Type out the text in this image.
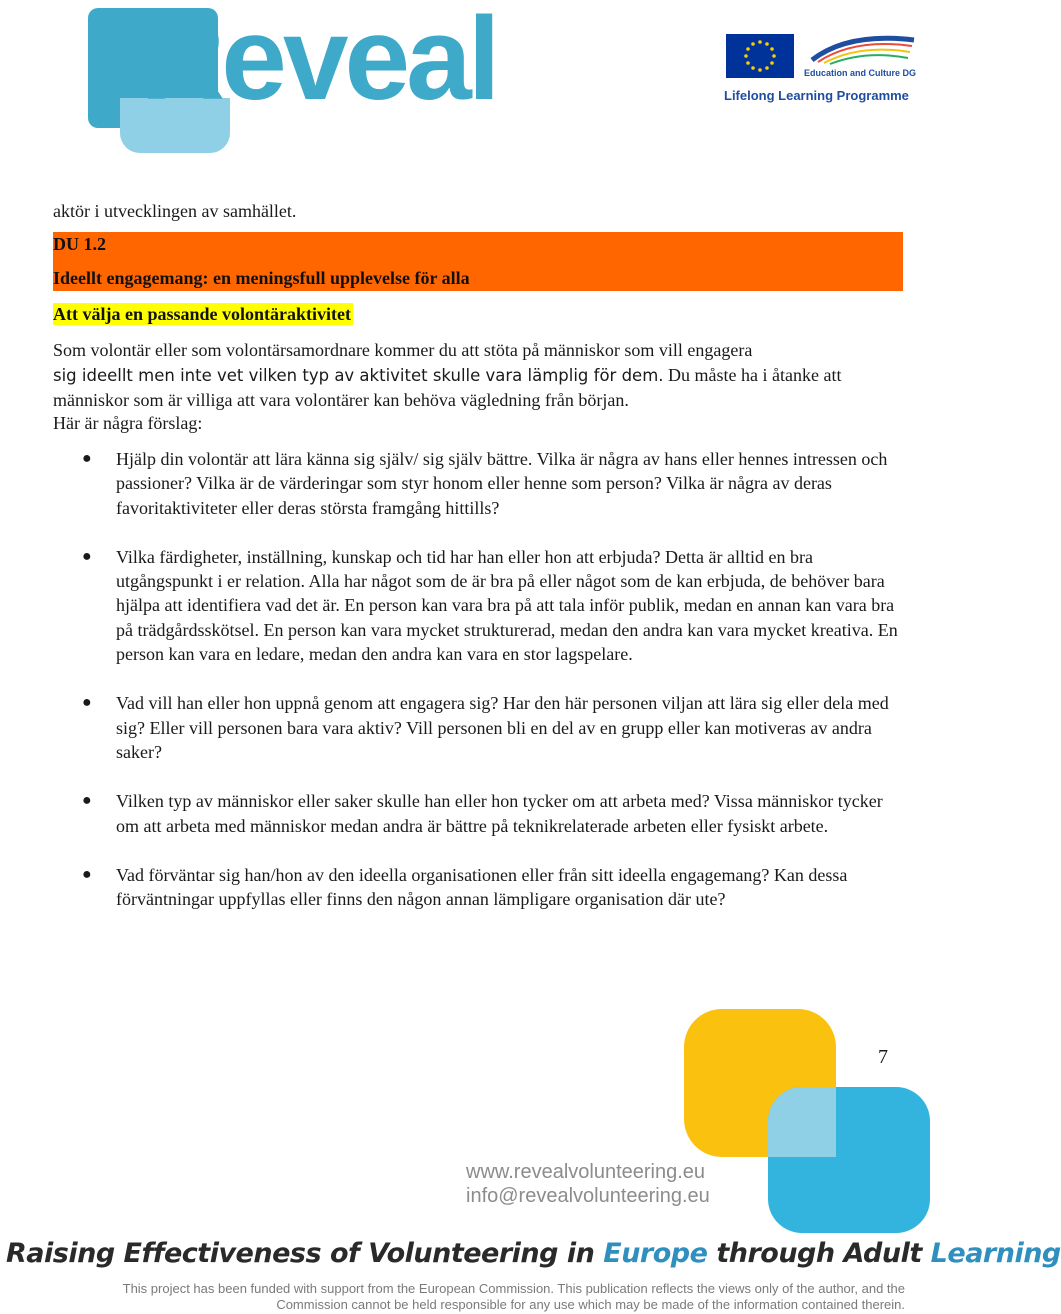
Reveal	Education and Culture DG
Lifelong Learning Programme
aktör i utvecklingen av samhället.
DU 1.2
Ideellt engagemang: en meningsfull upplevelse för alla
Att välja en passande volontäraktivitet
Som volontär eller som volontärsamordnare kommer du att stöta på människor som vill engagera
sig ideellt men inte vet vilken typ av aktivitet skulle vara lämplig för dem. Du måste ha i åtanke att
människor som är villiga att vara volontärer kan behöva vägledning från början.
Här är några förslag:
● Hjälp din volontär att lära känna sig själv/ sig själv bättre. Vilka är några av hans eller hennes intressen och passioner? Vilka är de värderingar som styr honom eller henne som person? Vilka är några av deras favoritaktiviteter eller deras största framgång hittills?
● Vilka färdigheter, inställning, kunskap och tid har han eller hon att erbjuda? Detta är alltid en bra utgångspunkt i er relation. Alla har något som de är bra på eller något som de kan erbjuda, de behöver bara hjälpa att identifiera vad det är. En person kan vara bra på att tala inför publik, medan en annan kan vara bra på trädgårdsskötsel. En person kan vara mycket strukturerad, medan den andra kan vara mycket kreativa. En person kan vara en ledare, medan den andra kan vara en stor lagspelare.
● Vad vill han eller hon uppnå genom att engagera sig? Har den här personen viljan att lära sig eller dela med sig? Eller vill personen bara vara aktiv? Vill personen bli en del av en grupp eller kan motiveras av andra saker?
● Vilken typ av människor eller saker skulle han eller hon tycker om att arbeta med? Vissa människor tycker om att arbeta med människor medan andra är bättre på teknikrelaterade arbeten eller fysiskt arbete.
● Vad förväntar sig han/hon av den ideella organisationen eller från sitt ideella engagemang? Kan dessa förväntningar uppfyllas eller finns den någon annan lämpligare organisation där ute?
7
www.revealvolunteering.eu
info@revealvolunteering.eu
Raising Effectiveness of Volunteering in Europe through Adult Learning
This project has been funded with support from the European Commission. This publication reflects the views only of the author, and the
Commission cannot be held responsible for any use which may be made of the information contained therein.
